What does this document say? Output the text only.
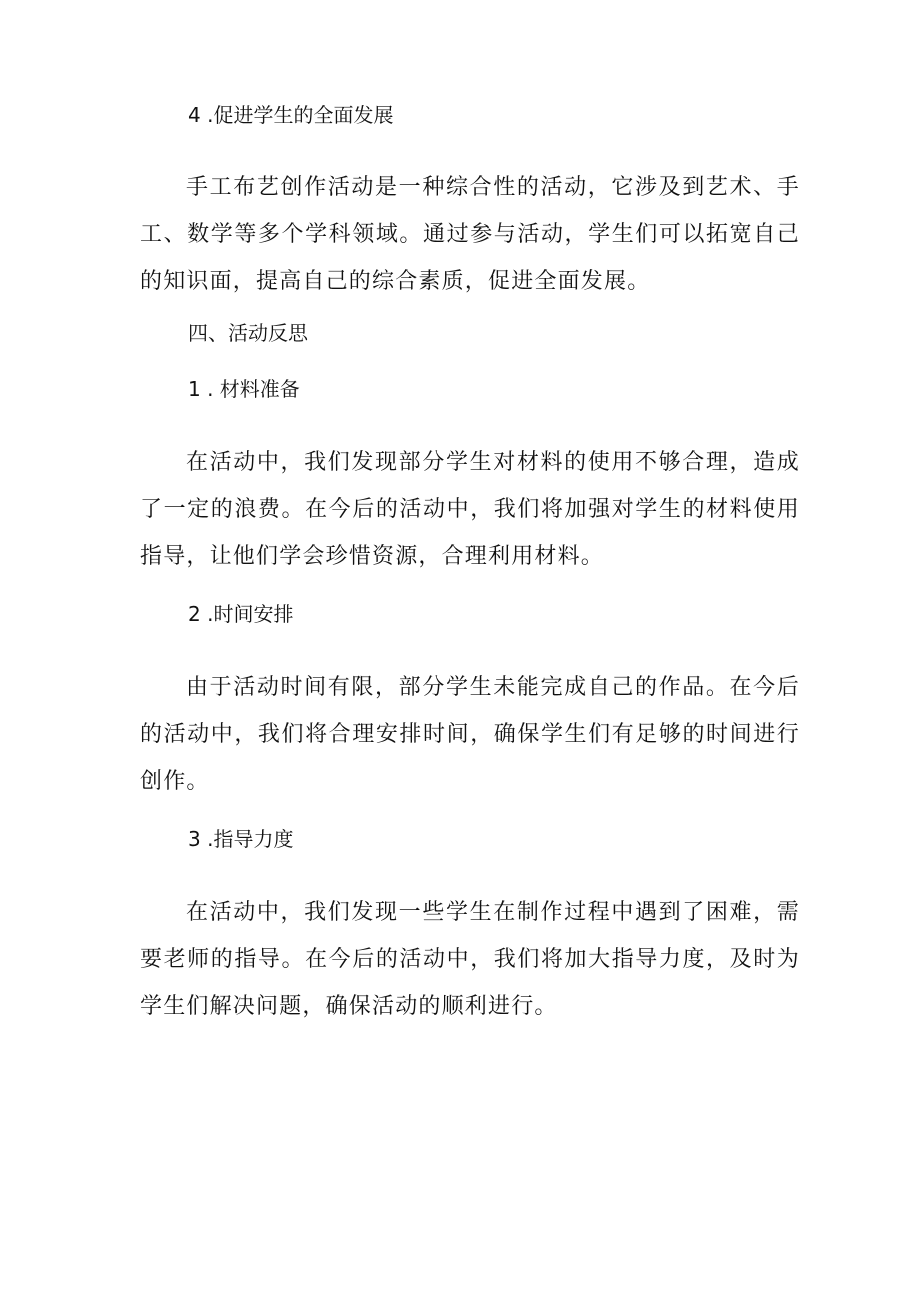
4 .促进学生的全面发展

手工布艺创作活动是一种综合性的活动，它涉及到艺术、手工、数学等多个学科领域。通过参与活动，学生们可以拓宽自己的知识面，提高自己的综合素质，促进全面发展。

四、活动反思

1 . 材料准备

在活动中，我们发现部分学生对材料的使用不够合理，造成了一定的浪费。在今后的活动中，我们将加强对学生的材料使用指导，让他们学会珍惜资源，合理利用材料。

2 .时间安排

由于活动时间有限，部分学生未能完成自己的作品。在今后的活动中，我们将合理安排时间，确保学生们有足够的时间进行创作。

3 .指导力度

在活动中，我们发现一些学生在制作过程中遇到了困难，需要老师的指导。在今后的活动中，我们将加大指导力度，及时为学生们解决问题，确保活动的顺利进行。
